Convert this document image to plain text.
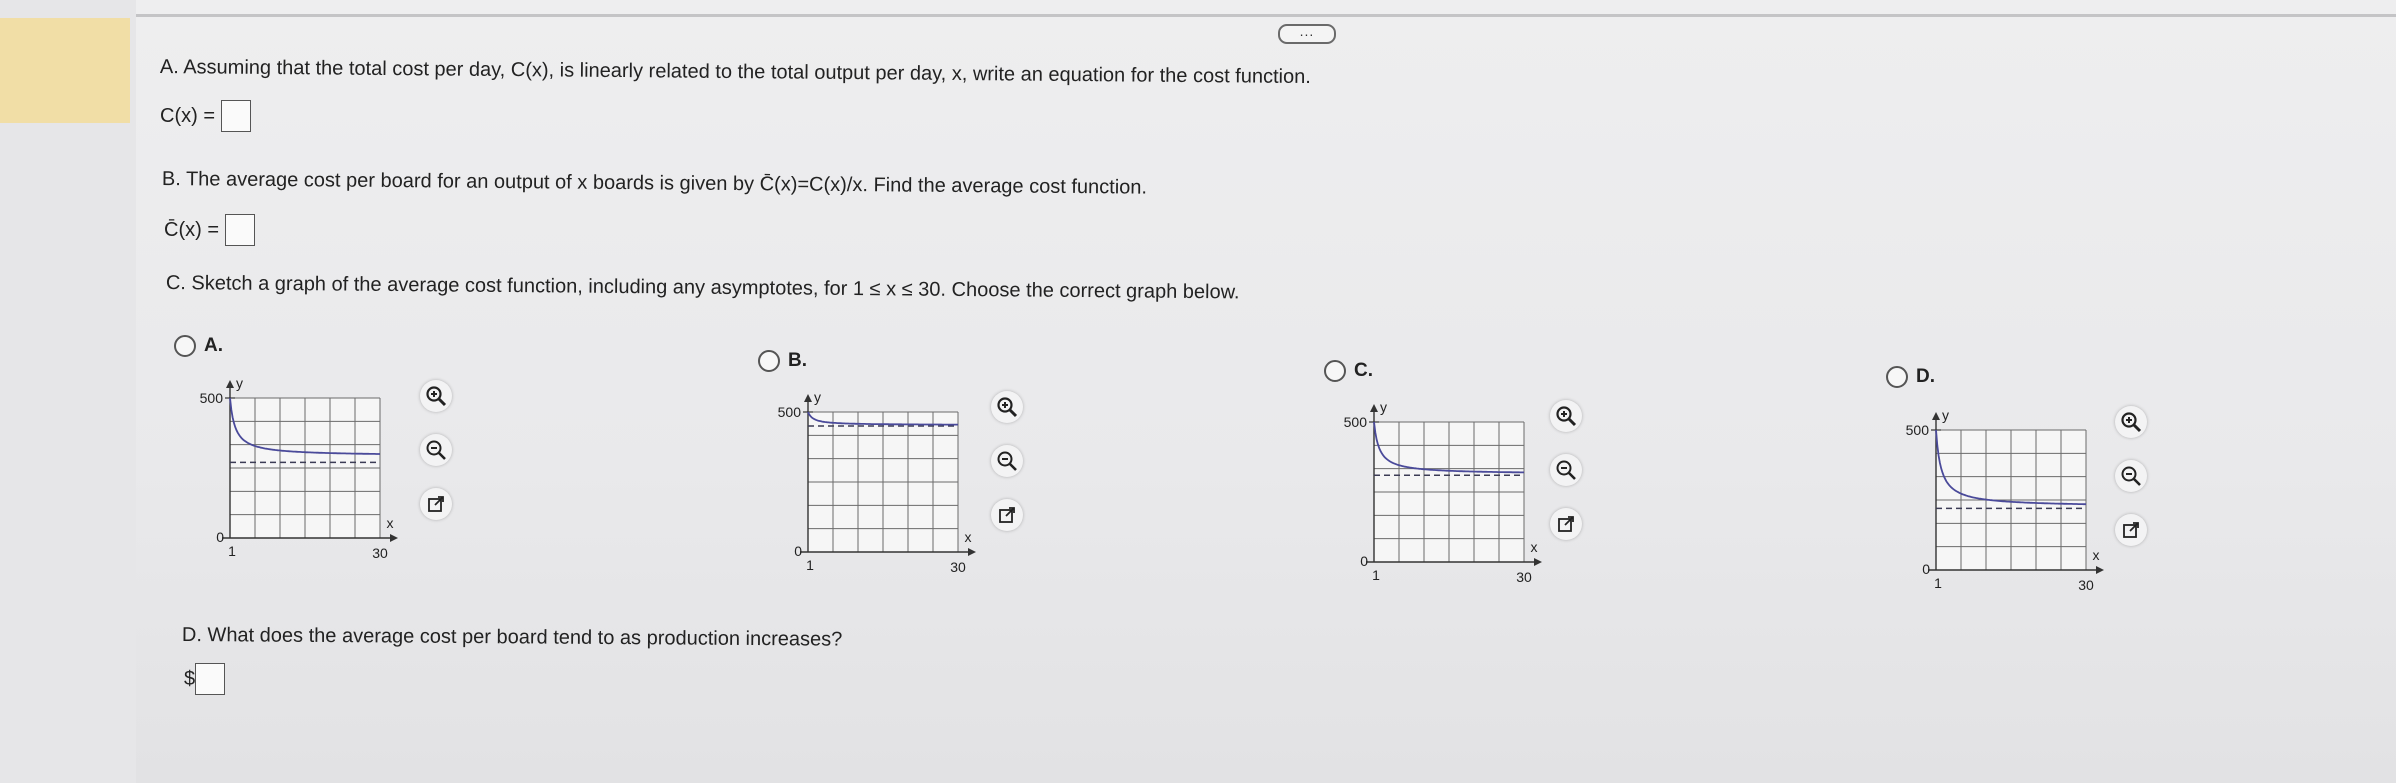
...
A. Assuming that the total cost per day, C(x), is linearly related to the total output per day, x, write an equation for the cost function.
C(x) =
B. The average cost per board for an output of x boards is given by C̄(x)=C(x)/x. Find the average cost function.
C̄(x) =
C. Sketch a graph of the average cost function, including any asymptotes, for 1 ≤ x ≤ 30. Choose the correct graph below.
A.
B.	C.	D.
500
0
1	30
y
x
500
0
1	30
y
x
500
0
1	30
y
x
500
0
1	30
y
x
D. What does the average cost per board tend to as production increases?
$
